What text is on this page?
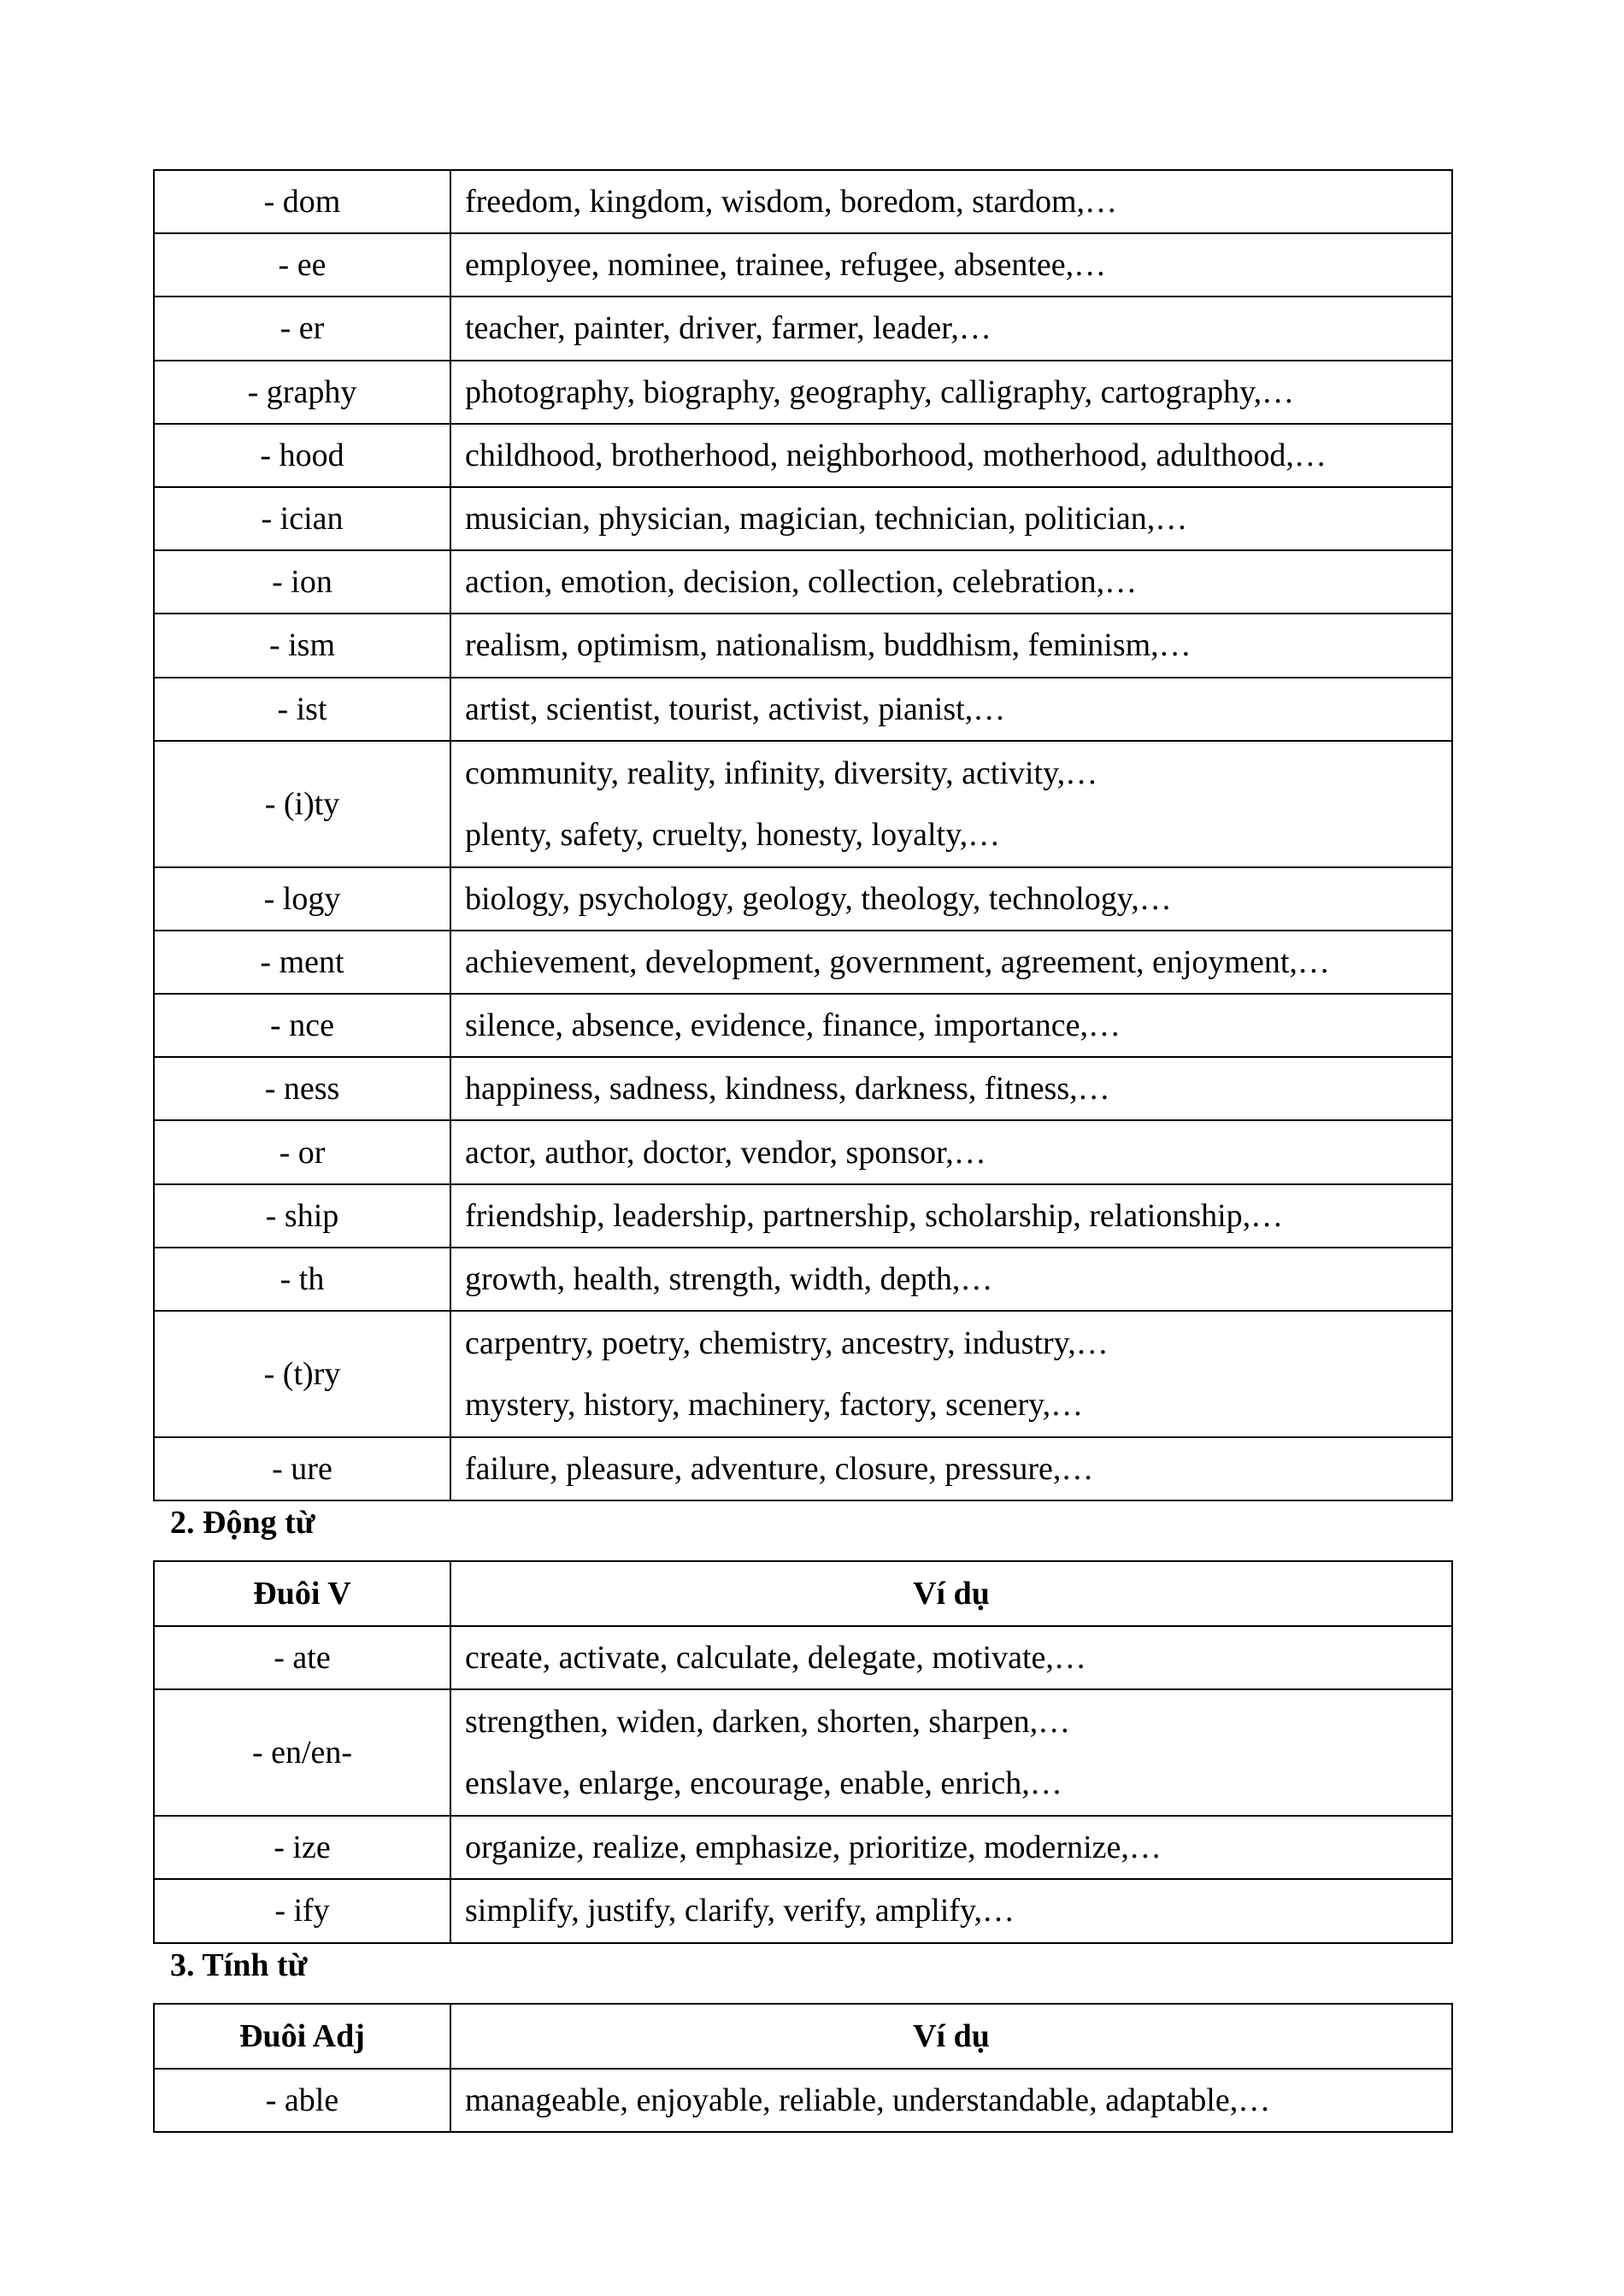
- dom	freedom, kingdom, wisdom, boredom, stardom,…

- ee	employee, nominee, trainee, refugee, absentee,…

- er	teacher, painter, driver, farmer, leader,…

- graphy	photography, biography, geography, calligraphy, cartography,…

- hood	childhood, brotherhood, neighborhood, motherhood, adulthood,…

- ician	musician, physician, magician, technician, politician,…

- ion	action, emotion, decision, collection, celebration,…

- ism	realism, optimism, nationalism, buddhism, feminism,…

- ist	artist, scientist, tourist, activist, pianist,…

- (i)ty	community, reality, infinity, diversity, activity,…
plenty, safety, cruelty, honesty, loyalty,…

- logy	biology, psychology, geology, theology, technology,…

- ment	achievement, development, government, agreement, enjoyment,…

- nce	silence, absence, evidence, finance, importance,…

- ness	happiness, sadness, kindness, darkness, fitness,…

- or	actor, author, doctor, vendor, sponsor,…

- ship	friendship, leadership, partnership, scholarship, relationship,…

- th	growth, health, strength, width, depth,…

- (t)ry	carpentry, poetry, chemistry, ancestry, industry,…
mystery, history, machinery, factory, scenery,…

- ure	failure, pleasure, adventure, closure, pressure,…
2. Động từ
Đuôi V	Ví dụ
- ate	create, activate, calculate, delegate, motivate,…

- en/en-	strengthen, widen, darken, shorten, sharpen,…
enslave, enlarge, encourage, enable, enrich,…

- ize	organize, realize, emphasize, prioritize, modernize,…

- ify	simplify, justify, clarify, verify, amplify,…
3. Tính từ
Đuôi Adj	Ví dụ
- able	manageable, enjoyable, reliable, understandable, adaptable,…
